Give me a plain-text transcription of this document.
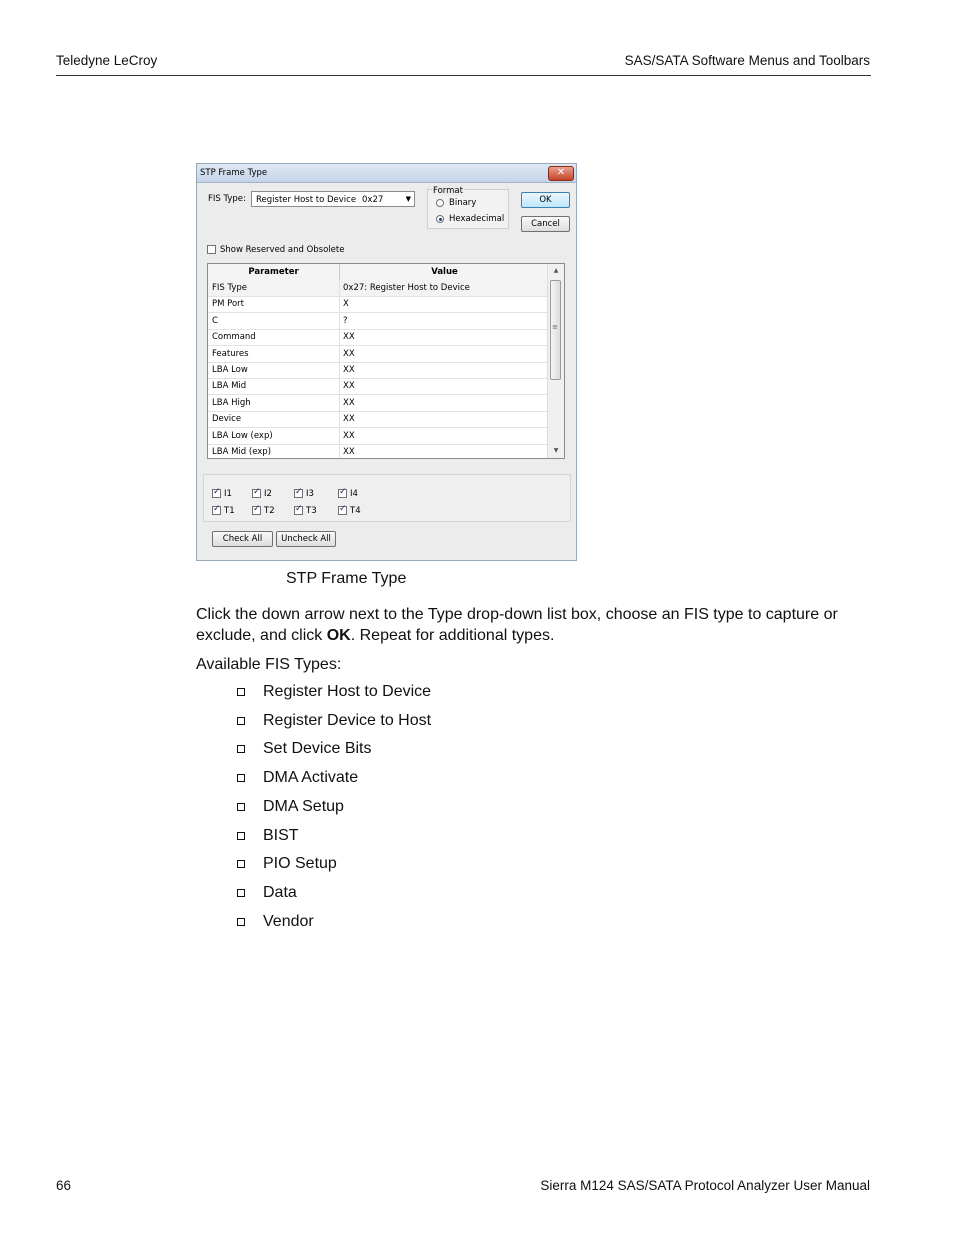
Teledyne LeCroy	SAS/SATA Software Menus and Toolbars
STP Frame Type	✕
FIS Type: Register Host to Device 0x27	▼
Format
Binary
Hexadecimal
OK
Cancel
Show Reserved and Obsolete
Parameter	Value
FIS Type	0x27: Register Host to Device
PM Port	X
C	?
Command	XX
Features	XX
LBA Low	XX
LBA Mid	XX
LBA High	XX
Device	XX
LBA Low (exp)	XX
LBA Mid (exp)	XX
▲
≡
▼
✓
I1 ✓	I2 ✓	I3 ✓	I4
✓
T1 ✓	T2 ✓	T3 ✓	T4
Check All	Uncheck All
STP Frame Type
Click the down arrow next to the Type drop-down list box, choose an FIS type to capture or exclude, and click OK. Repeat for additional types.
Available FIS Types:
Register Host to Device
Register Device to Host
Set Device Bits
DMA Activate
DMA Setup
BIST
PIO Setup
Data
Vendor
66	Sierra M124 SAS/SATA Protocol Analyzer User Manual
